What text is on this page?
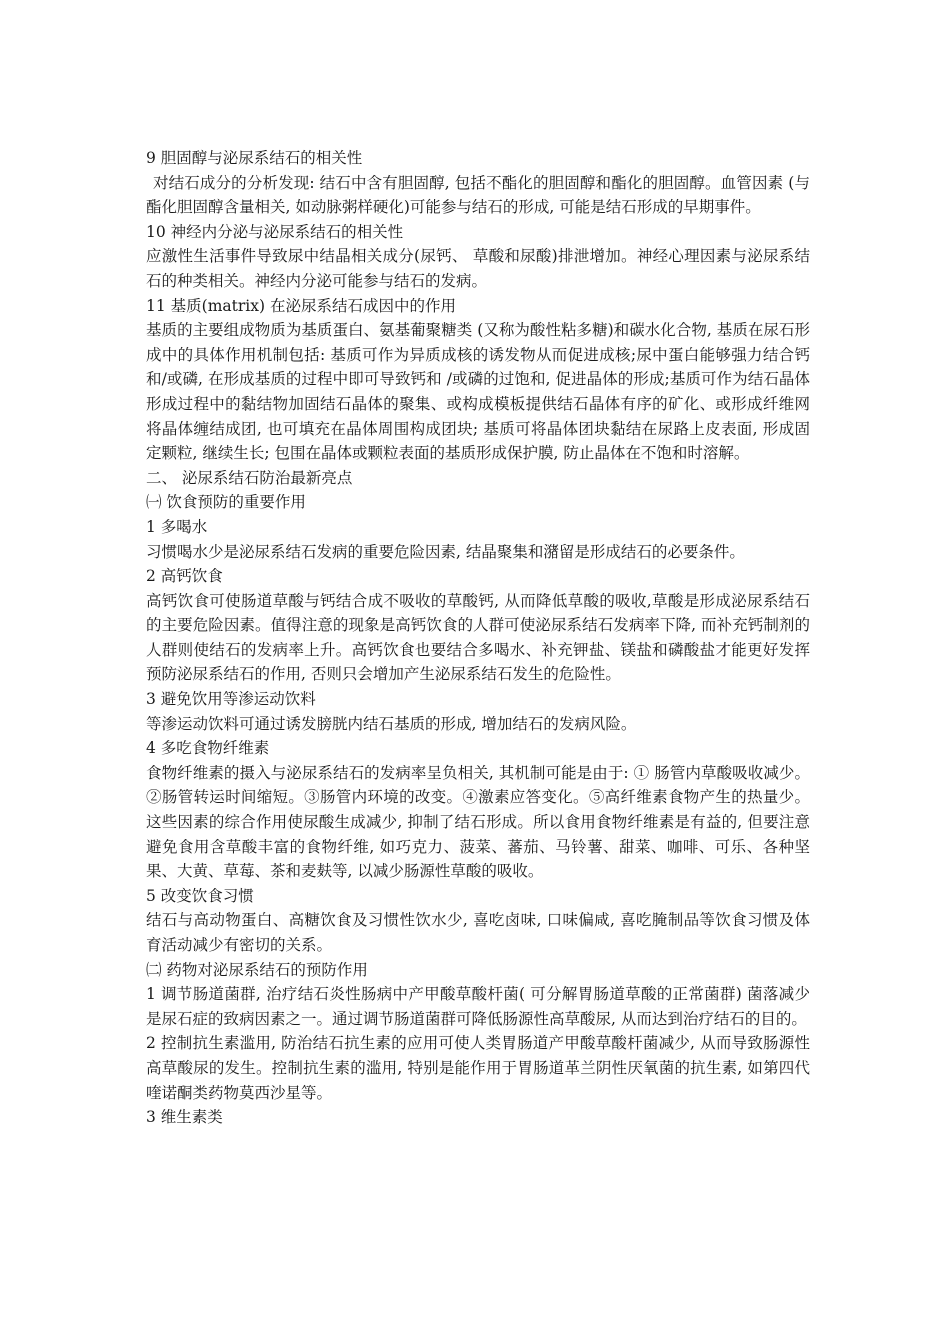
9 胆固醇与泌尿系结石的相关性

对结石成分的分析发现: 结石中含有胆固醇, 包括不酯化的胆固醇和酯化的胆固醇。血管因素 (与酯化胆固醇含量相关, 如动脉粥样硬化)可能参与结石的形成, 可能是结石形成的早期事件。

10 神经内分泌与泌尿系结石的相关性

应激性生活事件导致尿中结晶相关成分(尿钙、 草酸和尿酸)排泄增加。神经心理因素与泌尿系结石的种类相关。神经内分泌可能参与结石的发病。

11 基质(matrix) 在泌尿系结石成因中的作用

基质的主要组成物质为基质蛋白、氨基葡聚糖类 (又称为酸性粘多糖)和碳水化合物, 基质在尿石形成中的具体作用机制包括: 基质可作为异质成核的诱发物从而促进成核;尿中蛋白能够强力结合钙和/或磷, 在形成基质的过程中即可导致钙和 /或磷的过饱和, 促进晶体的形成;基质可作为结石晶体形成过程中的黏结物加固结石晶体的聚集、或构成模板提供结石晶体有序的矿化、或形成纤维网将晶体缠结成团, 也可填充在晶体周围构成团块; 基质可将晶体团块黏结在尿路上皮表面, 形成固定颗粒, 继续生长; 包围在晶体或颗粒表面的基质形成保护膜, 防止晶体在不饱和时溶解。

二、 泌尿系结石防治最新亮点

㈠ 饮食预防的重要作用

1 多喝水

习惯喝水少是泌尿系结石发病的重要危险因素, 结晶聚集和潴留是形成结石的必要条件。

2 高钙饮食

高钙饮食可使肠道草酸与钙结合成不吸收的草酸钙, 从而降低草酸的吸收,草酸是形成泌尿系结石的主要危险因素。值得注意的现象是高钙饮食的人群可使泌尿系结石发病率下降, 而补充钙制剂的人群则使结石的发病率上升。高钙饮食也要结合多喝水、补充钾盐、镁盐和磷酸盐才能更好发挥预防泌尿系结石的作用, 否则只会增加产生泌尿系结石发生的危险性。

3 避免饮用等渗运动饮料

等渗运动饮料可通过诱发膀胱内结石基质的形成, 增加结石的发病风险。

4 多吃食物纤维素

食物纤维素的摄入与泌尿系结石的发病率呈负相关, 其机制可能是由于: ① 肠管内草酸吸收减少。②肠管转运时间缩短。③肠管内环境的改变。④激素应答变化。⑤高纤维素食物产生的热量少。这些因素的综合作用使尿酸生成减少, 抑制了结石形成。所以食用食物纤维素是有益的, 但要注意避免食用含草酸丰富的食物纤维, 如巧克力、菠菜、蕃茄、马铃薯、甜菜、咖啡、可乐、各种坚果、大黄、草莓、茶和麦麸等, 以减少肠源性草酸的吸收。

5 改变饮食习惯

结石与高动物蛋白、高糖饮食及习惯性饮水少, 喜吃卤味, 口味偏咸, 喜吃腌制品等饮食习惯及体育活动减少有密切的关系。

㈡ 药物对泌尿系结石的预防作用

1 调节肠道菌群, 治疗结石炎性肠病中产甲酸草酸杆菌( 可分解胃肠道草酸的正常菌群) 菌落减少是尿石症的致病因素之一。通过调节肠道菌群可降低肠源性高草酸尿, 从而达到治疗结石的目的。

2 控制抗生素滥用, 防治结石抗生素的应用可使人类胃肠道产甲酸草酸杆菌减少, 从而导致肠源性高草酸尿的发生。控制抗生素的滥用, 特别是能作用于胃肠道革兰阴性厌氧菌的抗生素, 如第四代喹诺酮类药物莫西沙星等。

3 维生素类
